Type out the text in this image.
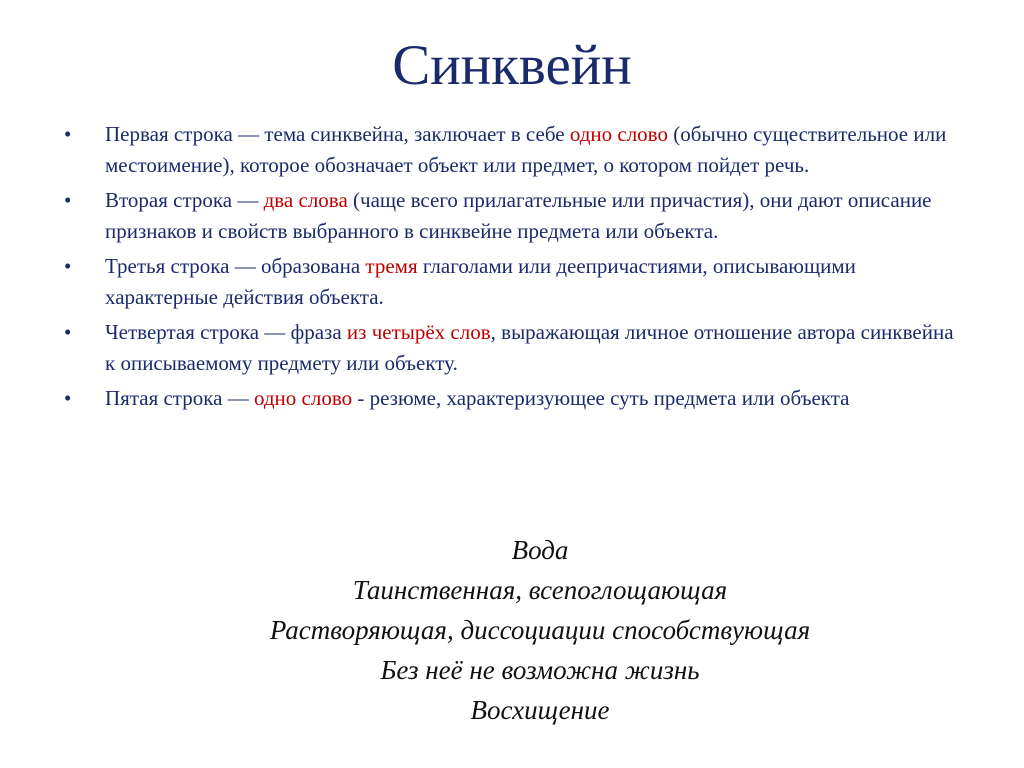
Синквейн
•	Первая строка — тема синквейна, заключает в себе одно слово (обычно существительное или местоимение), которое обозначает объект или предмет, о котором пойдет речь.
•	Вторая строка — два слова (чаще всего прилагательные или причастия), они дают описание признаков и свойств выбранного в синквейне предмета или объекта.
•	Третья строка — образована тремя глаголами или деепричастиями, описывающими характерные действия объекта.
•	Четвертая строка — фраза из четырёх слов, выражающая личное отношение автора синквейна к описываемому предмету или объекту.
•	Пятая строка — одно слово - резюме, характеризующее суть предмета или объекта
Вода
Таинственная, всепоглощающая
Растворяющая, диссоциации способствующая
Без неё не возможна жизнь
Восхищение
